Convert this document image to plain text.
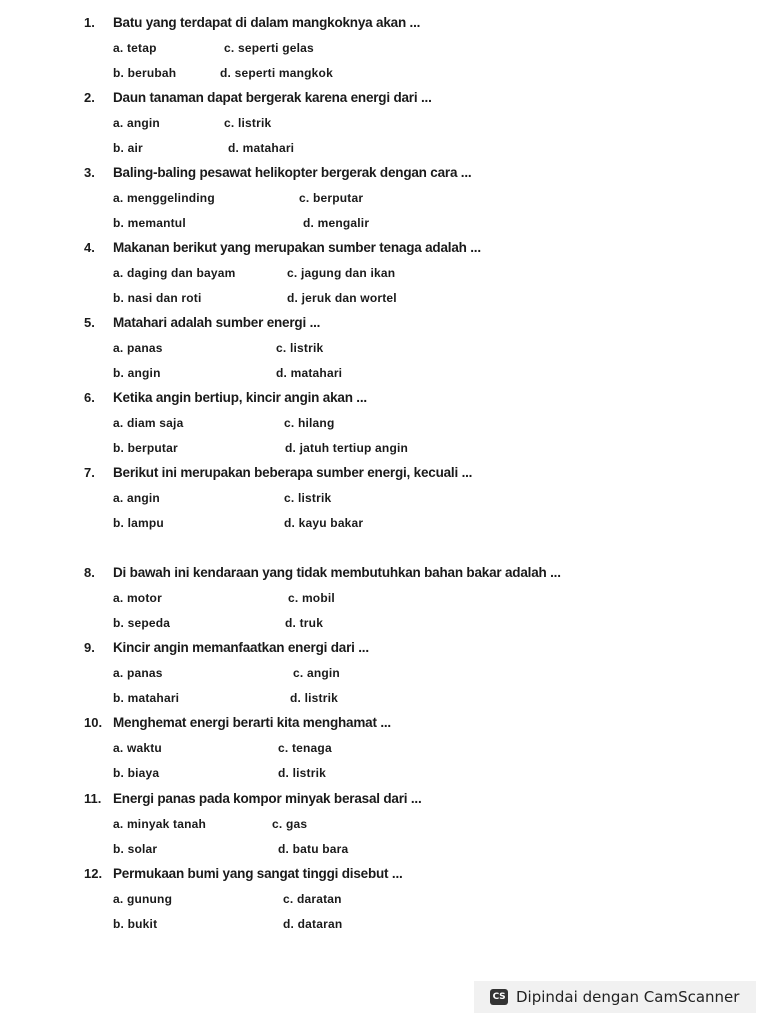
1. Batu yang terdapat di dalam mangkoknya akan ...
a. tetap
b. berubah
c. seperti gelas
d. seperti mangkok
2. Daun tanaman dapat bergerak karena energi dari ...
a. angin
b. air
c. listrik
d. matahari
3. Baling-baling pesawat helikopter bergerak dengan cara ...
a. menggelinding
b. memantul
c. berputar
d. mengalir
4. Makanan berikut yang merupakan sumber tenaga adalah ...
a. daging dan bayam
b. nasi dan roti
c. jagung dan ikan
d. jeruk dan wortel
5. Matahari adalah sumber energi ...
a. panas
b. angin
c. listrik
d. matahari
6. Ketika angin bertiup, kincir angin akan ...
a. diam saja
b. berputar
c. hilang
d. jatuh tertiup angin
7. Berikut ini merupakan beberapa sumber energi, kecuali ...
a. angin
b. lampu
c. listrik
d. kayu bakar
8. Di bawah ini kendaraan yang tidak membutuhkan bahan bakar adalah ...
a. motor
b. sepeda
c. mobil
d. truk
9. Kincir angin memanfaatkan energi dari ...
a. panas
b. matahari
c. angin
d. listrik
10. Menghemat energi berarti kita menghamat ...
a. waktu
b. biaya
c. tenaga
d. listrik
11. Energi panas pada kompor minyak berasal dari ...
a. minyak tanah
b. solar
c. gas
d. batu bara
12. Permukaan bumi yang sangat tinggi disebut ...
a. gunung
b. bukit
c. daratan
d. dataran
CS Dipindai dengan CamScanner
